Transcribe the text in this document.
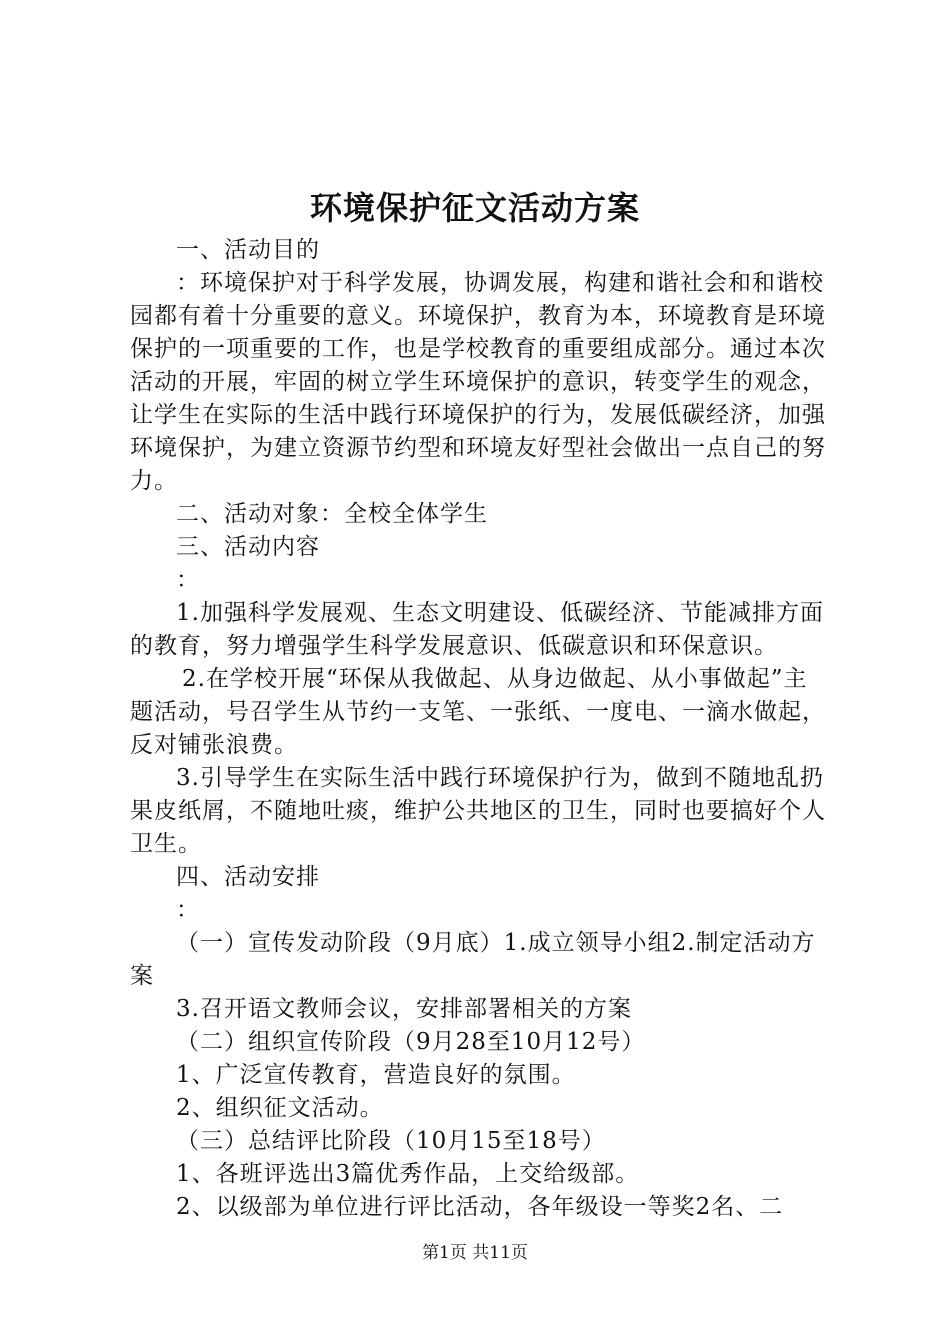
环境保护征文活动方案

一、活动目的

：环境保护对于科学发展，协调发展，构建和谐社会和和谐校园都有着十分重要的意义。环境保护，教育为本，环境教育是环境保护的一项重要的工作，也是学校教育的重要组成部分。通过本次活动的开展，牢固的树立学生环境保护的意识，转变学生的观念，让学生在实际的生活中践行环境保护的行为，发展低碳经济，加强环境保护，为建立资源节约型和环境友好型社会做出一点自己的努力。

二、活动对象：全校全体学生

三、活动内容

：

1.加强科学发展观、生态文明建设、低碳经济、节能减排方面的教育，努力增强学生科学发展意识、低碳意识和环保意识。

2.在学校开展“环保从我做起、从身边做起、从小事做起”主题活动，号召学生从节约一支笔、一张纸、一度电、一滴水做起，反对铺张浪费。

3.引导学生在实际生活中践行环境保护行为，做到不随地乱扔果皮纸屑，不随地吐痰，维护公共地区的卫生，同时也要搞好个人卫生。

四、活动安排

：

（一）宣传发动阶段（9月底）1.成立领导小组2.制定活动方案

3.召开语文教师会议，安排部署相关的方案

（二）组织宣传阶段（9月28至10月12号）

1、广泛宣传教育，营造良好的氛围。

2、组织征文活动。

（三）总结评比阶段（10月15至18号）

1、各班评选出3篇优秀作品，上交给级部。

2、以级部为单位进行评比活动，各年级设一等奖2名、二

第1页 共11页
